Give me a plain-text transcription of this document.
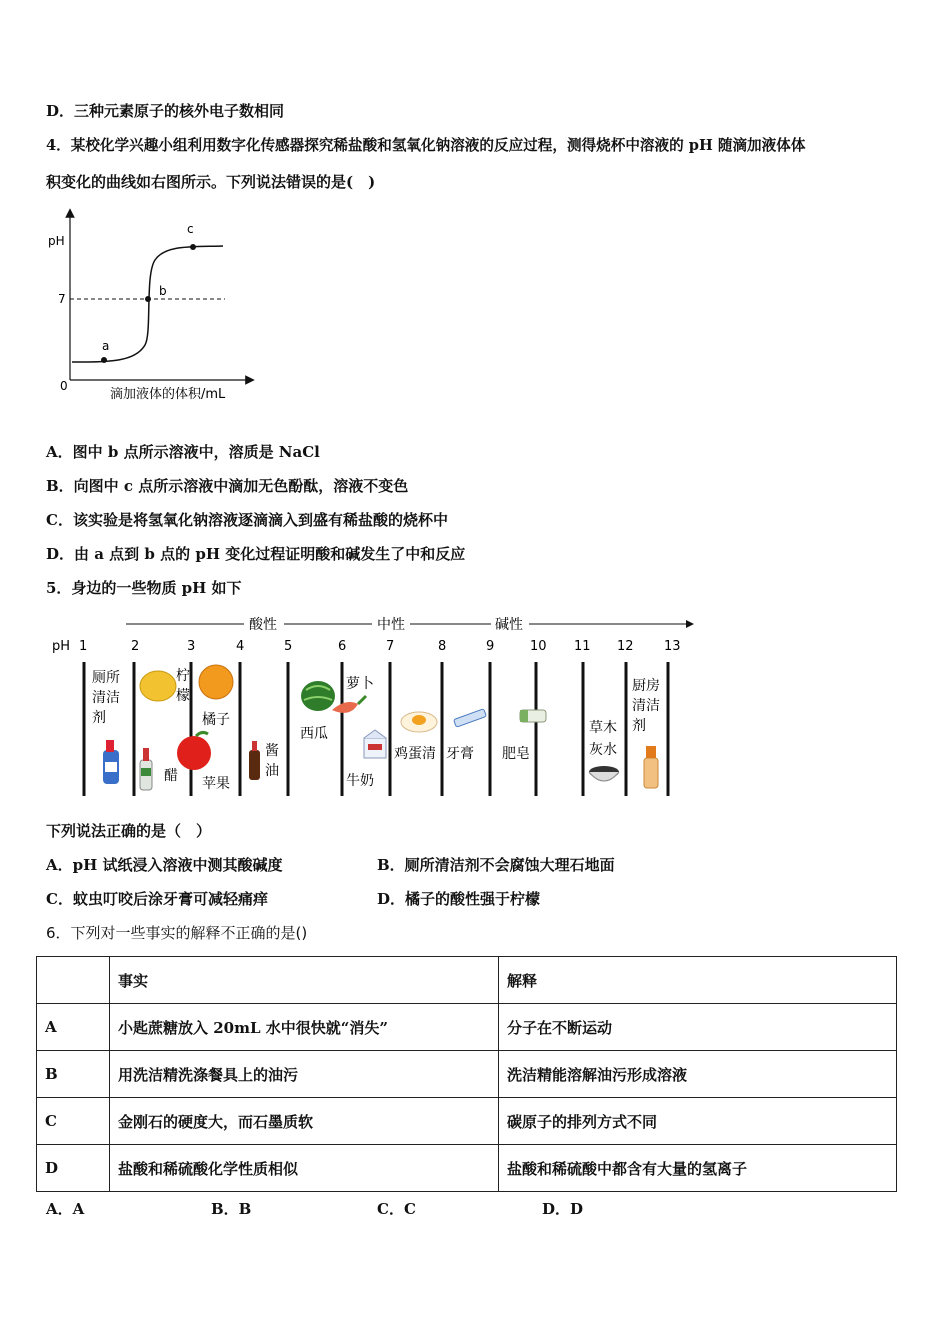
D．三种元素原子的核外电子数相同
4．某校化学兴趣小组利用数字化传感器探究稀盐酸和氢氧化钠溶液的反应过程，测得烧杯中溶液的 pH 随滴加液体体
积变化的曲线如右图所示。下列说法错误的是(　)
a
b
c
pH
7
0
滴加液体的体积/mL
A．图中 b 点所示溶液中，溶质是 NaCl
B．向图中 c 点所示溶液中滴加无色酚酞，溶液不变色
C．该实验是将氢氧化钠溶液逐滴滴入到盛有稀盐酸的烧杯中
D．由 a 点到 b 点的 pH 变化过程证明酸和碱发生了中和反应
5．身边的一些物质 pH 如下
酸性	中性	碱性
pH 1	2	3	4	5	6	7	8	9	10 11 12 13
厕所
清洁
剂
柠
檬
醋
橘子
苹果
酱
油
西瓜
萝卜
牛奶
鸡蛋清 牙膏 肥皂
草木
灰水
厨房
清洁
剂
下列说法正确的是（　）
A．pH 试纸浸入溶液中测其酸碱度	B．厕所清洁剂不会腐蚀大理石地面
C．蚊虫叮咬后涂牙膏可减轻痛痒	D．橘子的酸性强于柠檬
6．下列对一些事实的解释不正确的是()
	事实	解释
A	小匙蔗糖放入 20mL 水中很快就“消失”	分子在不断运动
B	用洗洁精洗涤餐具上的油污	洗洁精能溶解油污形成溶液
C	金刚石的硬度大，而石墨质软	碳原子的排列方式不同
D	盐酸和稀硫酸化学性质相似	盐酸和稀硫酸中都含有大量的氢离子
A．A	B．B	C．C	D．D
